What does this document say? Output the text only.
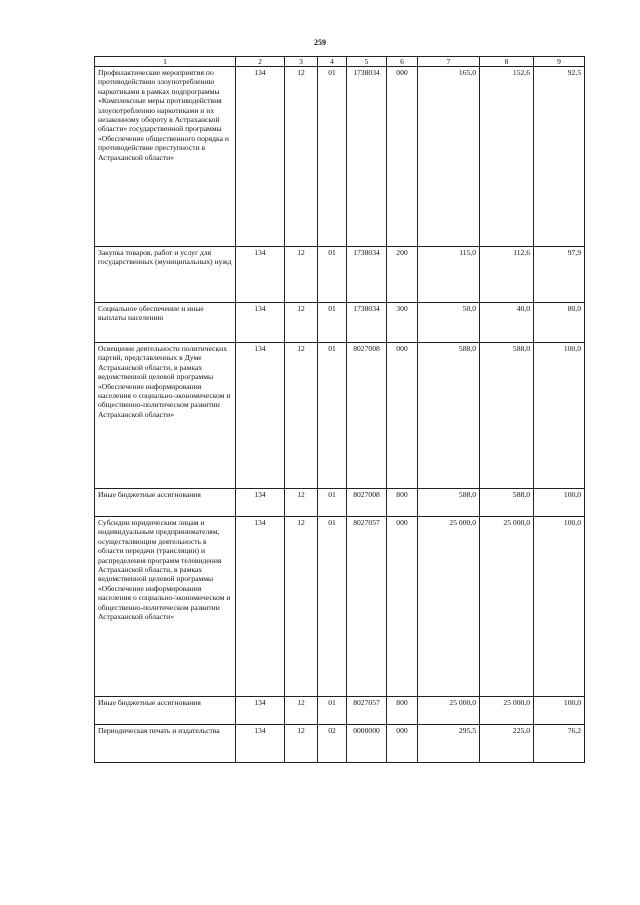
259
1	2	3	4	5	6	7	8	9
Профилактические мероприятия по противодействию злоупотреблению наркотиками в рамках подпрограммы «Комплексные меры противодействия злоупотреблению наркотиками и их незаконному обороту в Астраханской области» государственной программы «Обеспечение общественного порядка и противодействие преступности в Астраханской области»	134	12	01	1738034	000	165,0	152,6	92,5
Закупка товаров, работ и услуг для государственных (муниципальных) нужд	134	12	01	1738034	200	115,0	112,6	97,9
Социальное обеспечение и иные выплаты населению	134	12	01	1738034	300	50,0	40,0	80,0
Освещение деятельности политических партий, представленных в Думе Астраханской области, в рамках ведомственной целевой программы «Обеспечение информирования населения о социально-экономическом и общественно-политическом развитии Астраханской области»	134	12	01	8027008	000	588,0	588,0	100,0
Иные бюджетные ассигнования	134	12	01	8027008	800	588,0	588,0	100,0
Субсидии юридическим лицам и индивидуальным предпринимателям, осуществляющим деятельность в области передачи (трансляции) и распределения программ телевидения Астраханской области, в рамках ведомственной целевой программы «Обеспечение информирования населения о социально-экономическом и общественно-политическом развитии Астраханской области»	134	12	01	8027057	000	25 000,0	25 000,0	100,0
Иные бюджетные ассигнования	134	12	01	8027057	800	25 000,0	25 000,0	100,0
Периодическая печать и издательства	134	12	02	0000000	000	295,5	225,0	76,2
